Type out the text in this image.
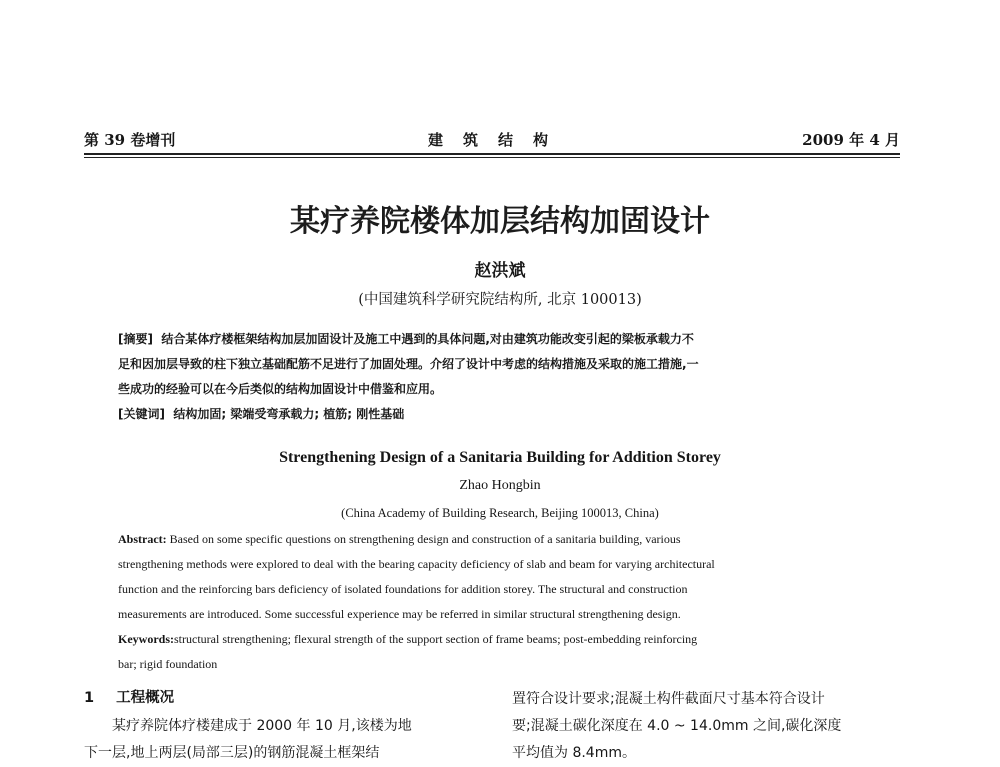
第 39 卷增刊	建筑结构	2009 年 4 月
某疗养院楼体加层结构加固设计
赵洪斌
(中国建筑科学研究院结构所, 北京 100013)
[摘要] 结合某体疗楼框架结构加层加固设计及施工中遇到的具体问题,对由建筑功能改变引起的梁板承载力不
足和因加层导致的柱下独立基础配筋不足进行了加固处理。介绍了设计中考虑的结构措施及采取的施工措施,一
些成功的经验可以在今后类似的结构加固设计中借鉴和应用。
[关键词] 结构加固; 梁端受弯承载力; 植筋; 刚性基础
Strengthening Design of a Sanitaria Building for Addition Storey
Zhao Hongbin
(China Academy of Building Research, Beijing 100013, China)
Abstract: Based on some specific questions on strengthening design and construction of a sanitaria building, various
strengthening methods were explored to deal with the bearing capacity deficiency of slab and beam for varying architectural
function and the reinforcing bars deficiency of isolated foundations for addition storey. The structural and construction
measurements are introduced. Some successful experience may be referred in similar structural strengthening design.
Keywords:structural strengthening; flexural strength of the support section of frame beams; post-embedding reinforcing
bar; rigid foundation
1 工程概况
某疗养院体疗楼建成于 2000 年 10 月,该楼为地
下一层,地上两层(局部三层)的钢筋混凝土框架结
置符合设计要求;混凝土构件截面尺寸基本符合设计
要;混凝土碳化深度在 4.0 ~ 14.0mm 之间,碳化深度
平均值为 8.4mm。
